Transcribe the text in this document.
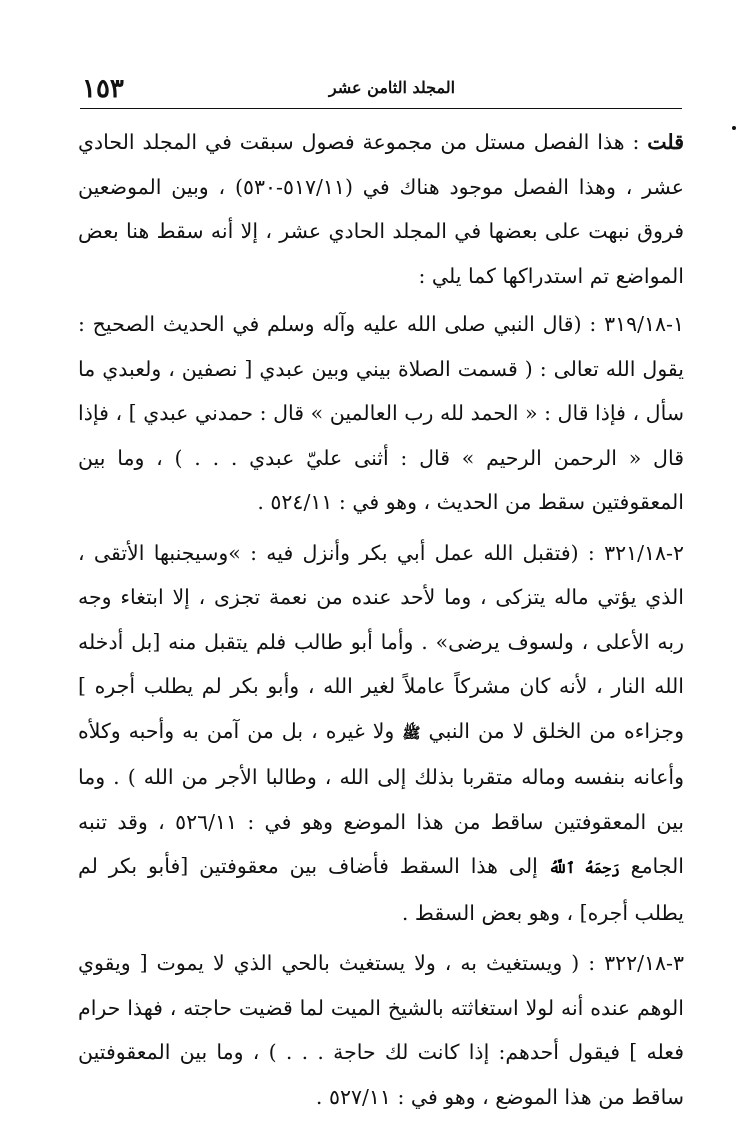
١٥٣	المجلد الثامن عشر

قلت : هذا الفصل مستل من مجموعة فصول سبقت في المجلد الحادي عشر ، وهذا الفصل موجود هناك في (٥١٧/١١-٥٣٠) ، وبين الموضعين فروق نبهت على بعضها في المجلد الحادي عشر ، إلا أنه سقط هنا بعض المواضع تم استدراكها كما يلي :

١-٣١٩/١٨ : (قال النبي صلى الله عليه وآله وسلم في الحديث الصحيح : يقول الله تعالى : ( قسمت الصلاة بيني وبين عبدي [ نصفين ، ولعبدي ما سأل ، فإذا قال : « الحمد لله رب العالمين » قال : حمدني عبدي ] ، فإذا قال « الرحمن الرحيم » قال : أثنى عليّ عبدي . . . ) ، وما بين المعقوفتين سقط من الحديث ، وهو في : ٥٢٤/١١ .

٢-٣٢١/١٨ : (فتقبل الله عمل أبي بكر وأنزل فيه : »وسيجنبها الأتقى ، الذي يؤتي ماله يتزكى ، وما لأحد عنده من نعمة تجزى ، إلا ابتغاء وجه ربه الأعلى ، ولسوف يرضى» . وأما أبو طالب فلم يتقبل منه [بل أدخله الله النار ، لأنه كان مشركاً عاملاً لغير الله ، وأبو بكر لم يطلب أجره ] وجزاءه من الخلق لا من النبي ﷺ ولا غيره ، بل من آمن به وأحبه وكلأه وأعانه بنفسه وماله متقربا بذلك إلى الله ، وطالبا الأجر من الله ) . وما بين المعقوفتين ساقط من هذا الموضع وهو في : ٥٢٦/١١ ، وقد تنبه الجامع رَحِمَهُ ٱللَّهُ إلى هذا السقط فأضاف بين معقوفتين [فأبو بكر لم يطلب أجره] ، وهو بعض السقط .

٣-٣٢٢/١٨ : ( ويستغيث به ، ولا يستغيث بالحي الذي لا يموت [ ويقوي الوهم عنده أنه لولا استغاثته بالشيخ الميت لما قضيت حاجته ، فهذا حرام فعله ] فيقول أحدهم: إذا كانت لك حاجة . . . ) ، وما بين المعقوفتين ساقط من هذا الموضع ، وهو في : ٥٢٧/١١ .
